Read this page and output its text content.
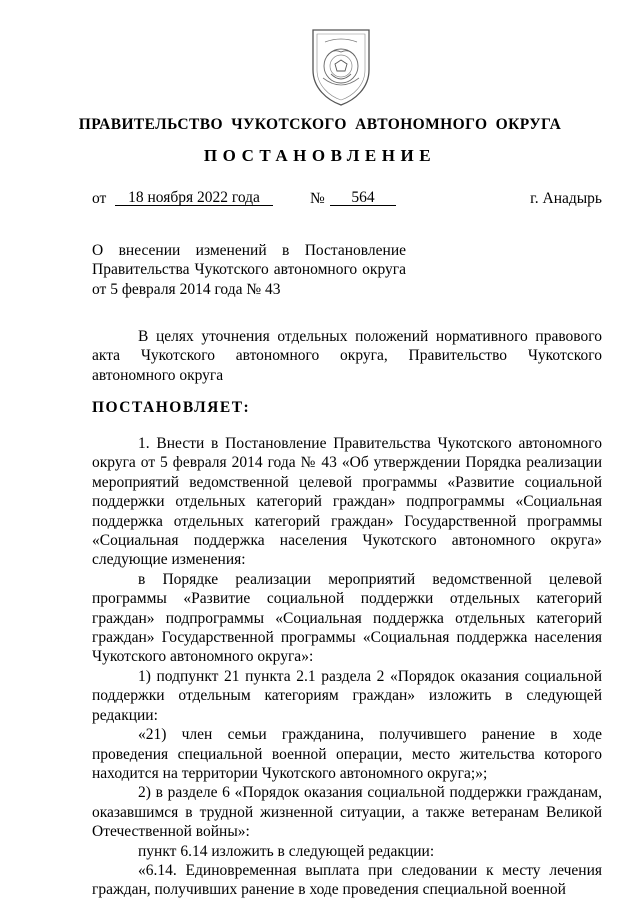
ПРАВИТЕЛЬСТВО ЧУКОТСКОГО АВТОНОМНОГО ОКРУГА
ПОСТАНОВЛЕНИЕ
от	18 ноября 2022 года	№	564	г. Анадырь
О внесении изменений в Постановление
Правительства Чукотского автономного округа
от 5 февраля 2014 года № 43

В целях уточнения отдельных положений нормативного правового акта Чукотского автономного округа, Правительство Чукотского автономного округа

ПОСТАНОВЛЯЕТ:

1. Внести в Постановление Правительства Чукотского автономного округа от 5 февраля 2014 года № 43 «Об утверждении Порядка реализации мероприятий ведомственной целевой программы «Развитие социальной поддержки отдельных категорий граждан» подпрограммы «Социальная поддержка отдельных категорий граждан» Государственной программы «Социальная поддержка населения Чукотского автономного округа» следующие изменения:

в Порядке реализации мероприятий ведомственной целевой программы «Развитие социальной поддержки отдельных категорий граждан» подпрограммы «Социальная поддержка отдельных категорий граждан» Государственной программы «Социальная поддержка населения Чукотского автономного округа»:

1) подпункт 21 пункта 2.1 раздела 2 «Порядок оказания социальной поддержки отдельным категориям граждан» изложить в следующей редакции:

«21) член семьи гражданина, получившего ранение в ходе проведения специальной военной операции, место жительства которого находится на территории Чукотского автономного округа;»;

2) в разделе 6 «Порядок оказания социальной поддержки гражданам, оказавшимся в трудной жизненной ситуации, а также ветеранам Великой Отечественной войны»:

пункт 6.14 изложить в следующей редакции:

«6.14. Единовременная выплата при следовании к месту лечения граждан, получивших ранение в ходе проведения специальной военной
